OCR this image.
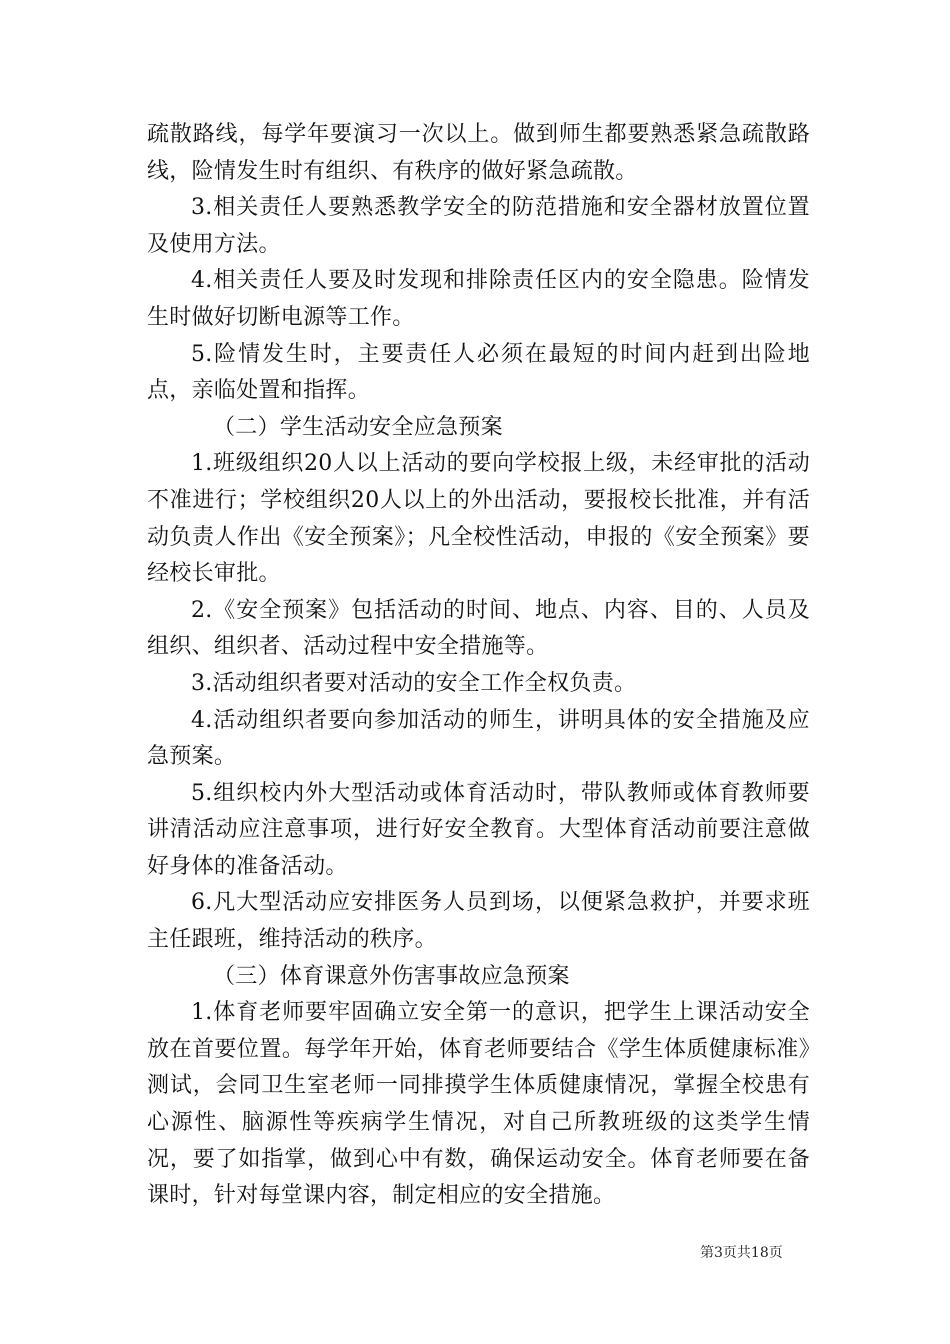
疏散路线，每学年要演习一次以上。做到师生都要熟悉紧急疏散路线，险情发生时有组织、有秩序的做好紧急疏散。

3.相关责任人要熟悉教学安全的防范措施和安全器材放置位置及使用方法。

4.相关责任人要及时发现和排除责任区内的安全隐患。险情发生时做好切断电源等工作。

5.险情发生时，主要责任人必须在最短的时间内赶到出险地点，亲临处置和指挥。

（二）学生活动安全应急预案

1.班级组织20人以上活动的要向学校报上级，未经审批的活动不准进行；学校组织20人以上的外出活动，要报校长批准，并有活动负责人作出《安全预案》；凡全校性活动，申报的《安全预案》要经校长审批。

2.《安全预案》包括活动的时间、地点、内容、目的、人员及组织、组织者、活动过程中安全措施等。

3.活动组织者要对活动的安全工作全权负责。

4.活动组织者要向参加活动的师生，讲明具体的安全措施及应急预案。

5.组织校内外大型活动或体育活动时，带队教师或体育教师要讲清活动应注意事项，进行好安全教育。大型体育活动前要注意做好身体的准备活动。

6.凡大型活动应安排医务人员到场，以便紧急救护，并要求班主任跟班，维持活动的秩序。

（三）体育课意外伤害事故应急预案

1.体育老师要牢固确立安全第一的意识，把学生上课活动安全放在首要位置。每学年开始，体育老师要结合《学生体质健康标准》测试，会同卫生室老师一同排摸学生体质健康情况，掌握全校患有心源性、脑源性等疾病学生情况，对自己所教班级的这类学生情况，要了如指掌，做到心中有数，确保运动安全。体育老师要在备课时，针对每堂课内容，制定相应的安全措施。

第3页共18页
